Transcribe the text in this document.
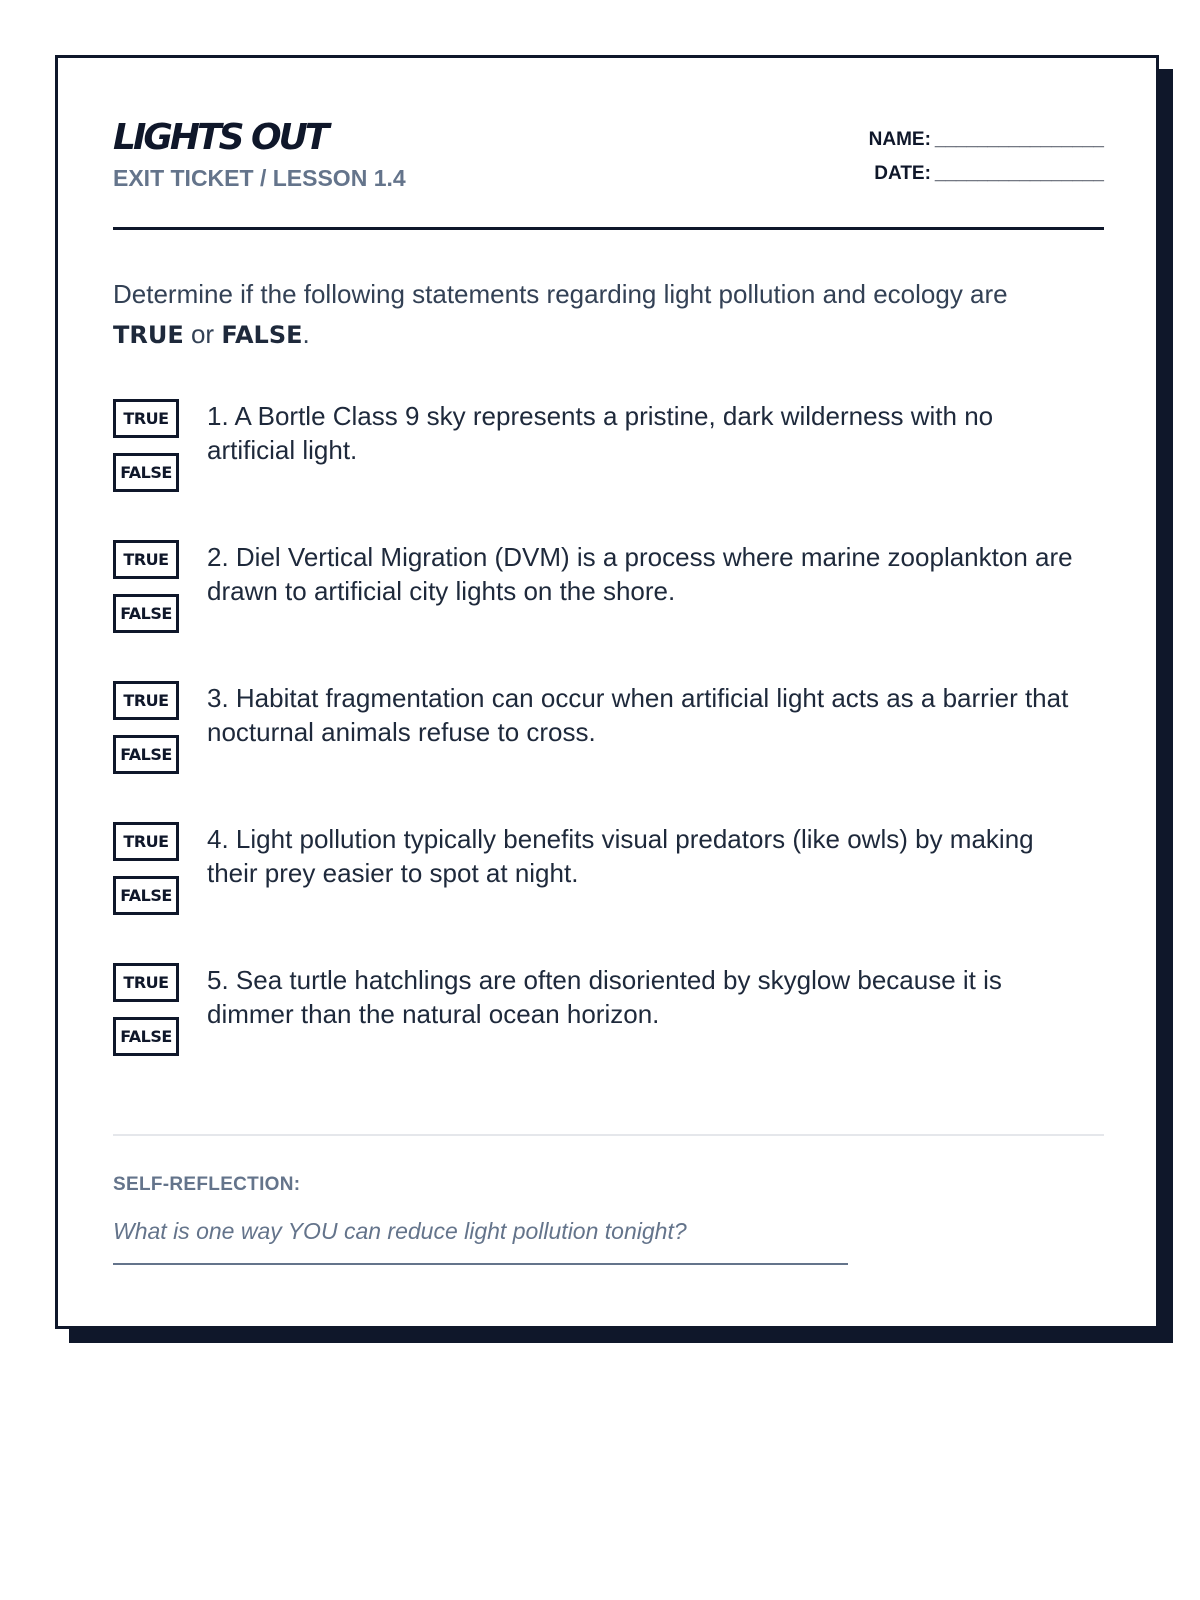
LIGHTS OUT
EXIT TICKET / LESSON 1.4
NAME: ________________
DATE: ________________
Determine if the following statements regarding light pollution and ecology are TRUE or FALSE.
TRUE
FALSE
1. A Bortle Class 9 sky represents a pristine, dark wilderness with no artificial light.
TRUE
FALSE
2. Diel Vertical Migration (DVM) is a process where marine zooplankton are drawn to artificial city lights on the shore.
TRUE
FALSE
3. Habitat fragmentation can occur when artificial light acts as a barrier that nocturnal animals refuse to cross.
TRUE
FALSE
4. Light pollution typically benefits visual predators (like owls) by making their prey easier to spot at night.
TRUE
FALSE
5. Sea turtle hatchlings are often disoriented by skyglow because it is dimmer than the natural ocean horizon.
SELF-REFLECTION:
What is one way YOU can reduce light pollution tonight?
